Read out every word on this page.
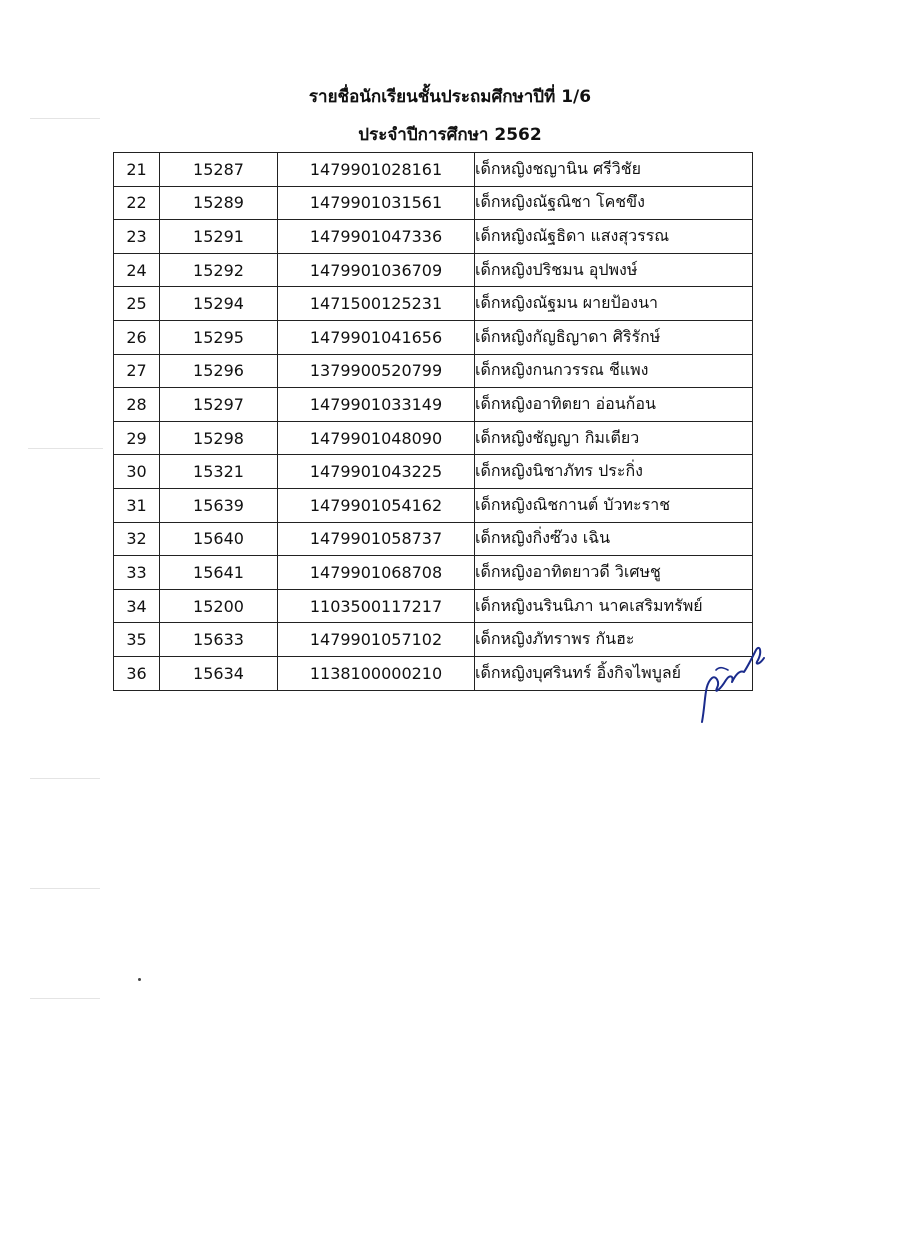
รายชื่อนักเรียนชั้นประถมศึกษาปีที่ 1/6
ประจำปีการศึกษา 2562
21	15287	1479901028161	เด็กหญิงชญานิน ศรีวิชัย
22	15289	1479901031561	เด็กหญิงณัฐณิชา โคชขึง
23	15291	1479901047336	เด็กหญิงณัฐธิดา แสงสุวรรณ
24	15292	1479901036709	เด็กหญิงปริชมน อุปพงษ์
25	15294	1471500125231	เด็กหญิงณัฐมน ผายป้องนา
26	15295	1479901041656	เด็กหญิงกัญธิญาดา ศิริรักษ์
27	15296	1379900520799	เด็กหญิงกนกวรรณ ชีแพง
28	15297	1479901033149	เด็กหญิงอาทิตยา อ่อนก้อน
29	15298	1479901048090	เด็กหญิงชัญญา กิมเตียว
30	15321	1479901043225	เด็กหญิงนิชาภัทร ประกิ่ง
31	15639	1479901054162	เด็กหญิงณิชกานต์ บัวทะราช
32	15640	1479901058737	เด็กหญิงกิ่งซ๊วง เฉิน
33	15641	1479901068708	เด็กหญิงอาทิตยาวดี วิเศษชู
34	15200	1103500117217	เด็กหญิงนรินนิภา นาคเสริมทรัพย์
35	15633	1479901057102	เด็กหญิงภัทราพร กันฮะ
36	15634	1138100000210	เด็กหญิงบุศรินทร์ อิ้งกิจไพบูลย์
